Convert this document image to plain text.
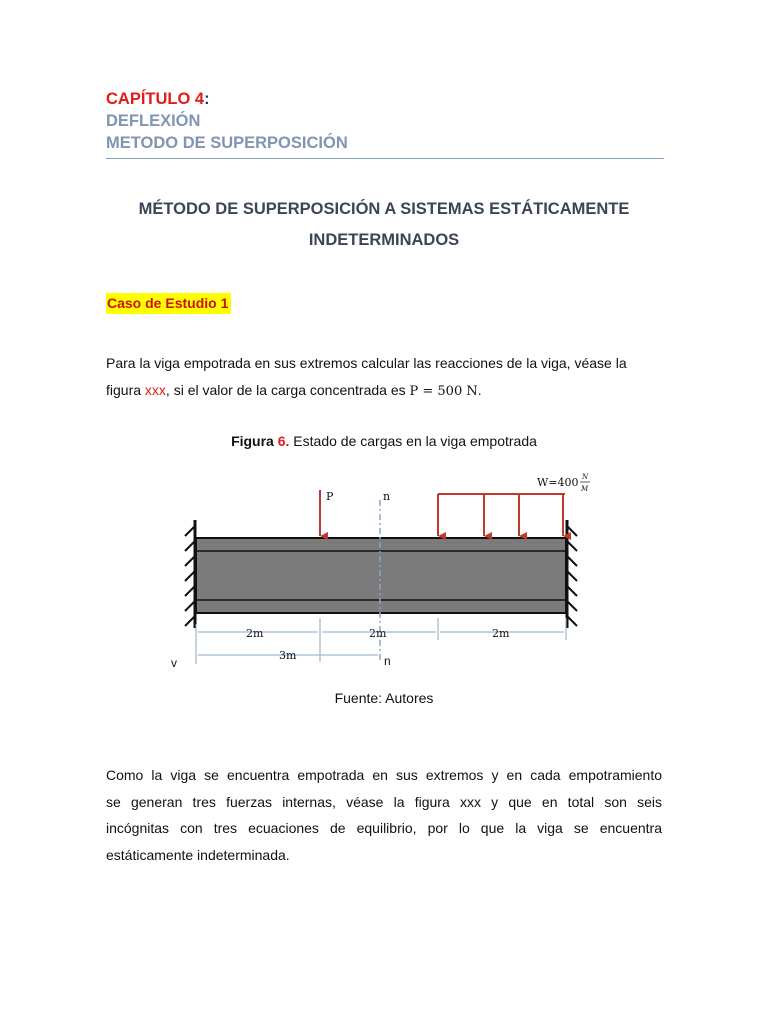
CAPÍTULO 4:
DEFLEXIÓN
METODO DE SUPERPOSICIÓN
MÉTODO DE SUPERPOSICIÓN A SISTEMAS ESTÁTICAMENTE
INDETERMINADOS
Caso de Estudio 1
Para la viga empotrada en sus extremos calcular las reacciones de la viga, véase la
figura xxx, si el valor de la carga concentrada es P = 500 N.
Figura 6. Estado de cargas en la viga empotrada
P	n
W=400 N
M
2m	2m	2m
3m
v	n
Fuente: Autores
Como la viga se encuentra empotrada en sus extremos y en cada empotramiento
se generan tres fuerzas internas, véase la figura xxx y que en total son seis
incógnitas con tres ecuaciones de equilibrio, por lo que la viga se encuentra
estáticamente indeterminada.
